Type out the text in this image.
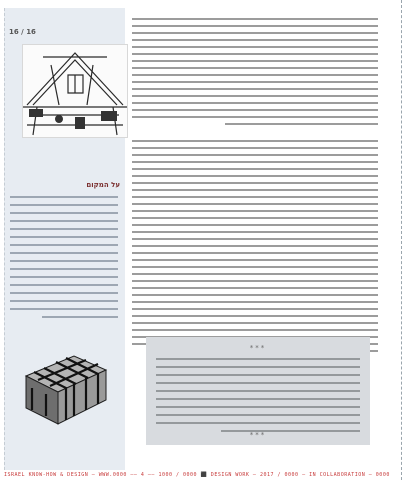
16 / 16
על המקום
***
***
ISRAEL KNOW-HOW & DESIGN — WWW.0000 —— 4 —— 1000 / 0000 ⬛ DESIGN WORK — 2017 / 0000 — IN COLLABORATION — 0000
